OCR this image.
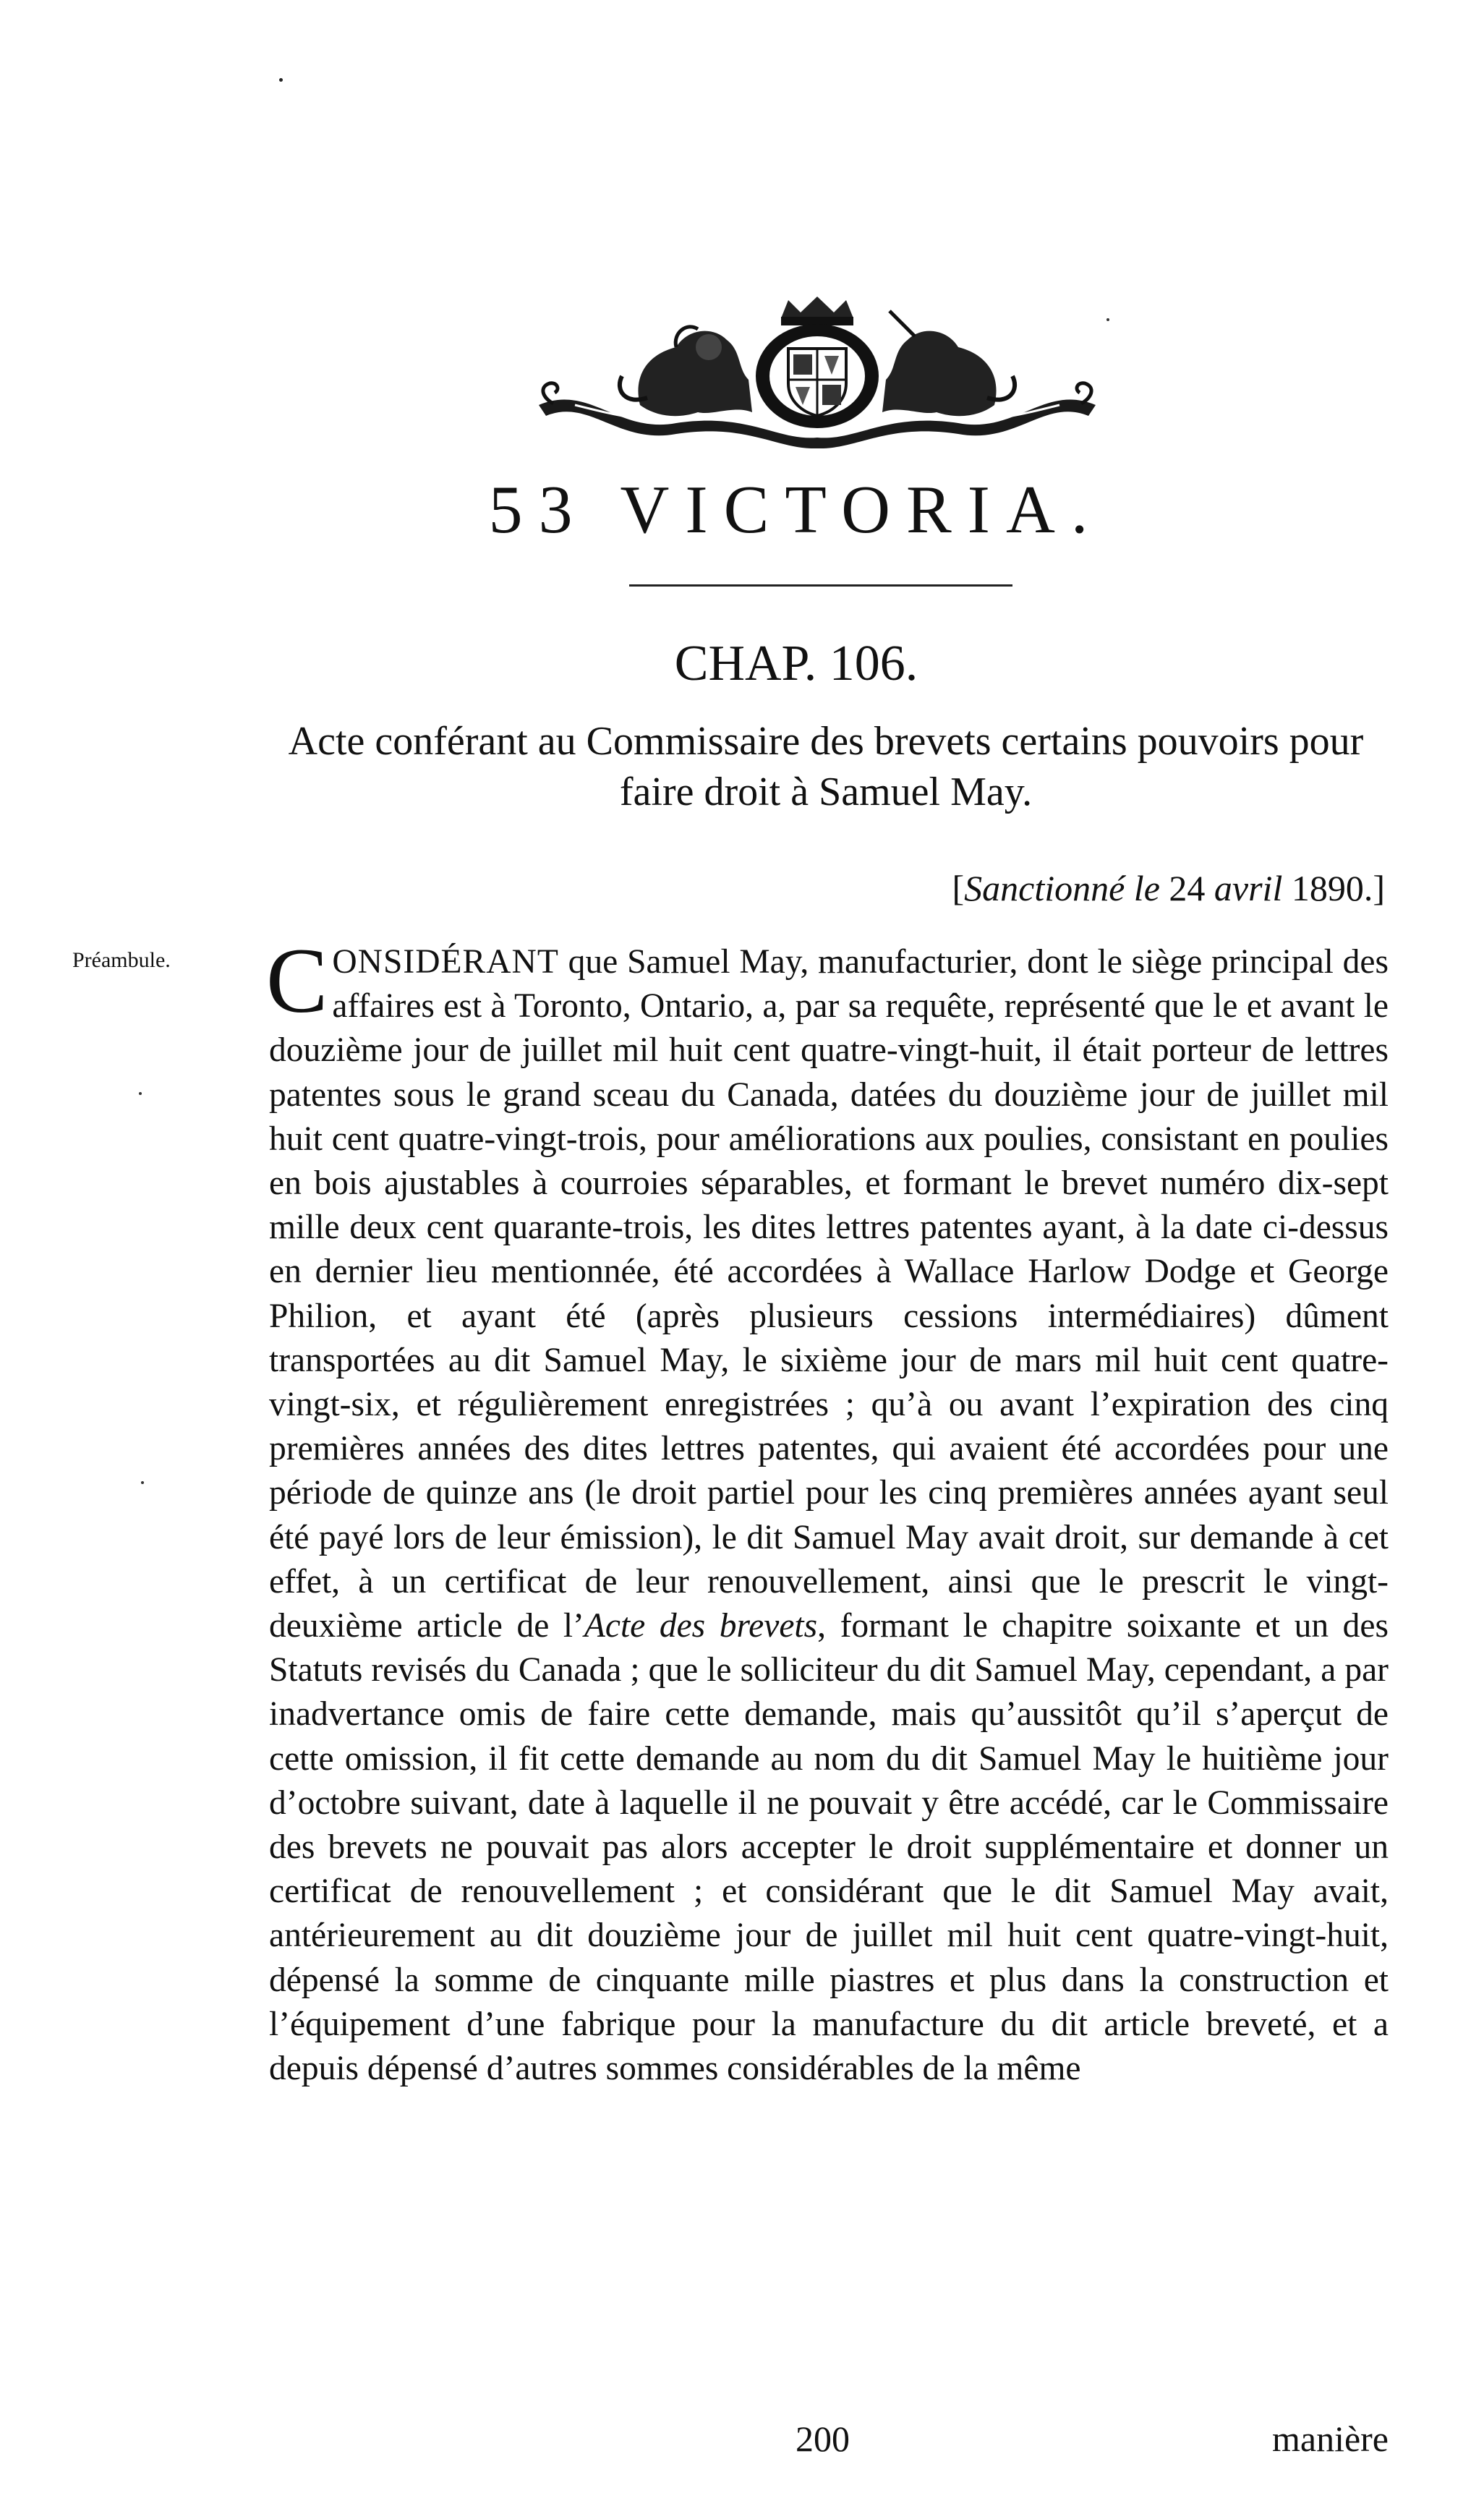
53 VICTORIA.
CHAP. 106.
Acte conférant au Commissaire des brevets certains pouvoirs pour faire droit à Samuel May.
[Sanctionné le 24 avril 1890.]
Préambule. CONSIDÉRANT que Samuel May, manufacturier, dont le siège principal des affaires est à Toronto, Ontario, a, par sa requête, représenté que le et avant le douzième jour de juillet mil huit cent quatre-vingt-huit, il était porteur de lettres patentes sous le grand sceau du Canada, datées du douzième jour de juillet mil huit cent quatre-vingt-trois, pour améliorations aux poulies, consistant en poulies en bois ajustables à courroies séparables, et formant le brevet numéro dix-sept mille deux cent quarante-trois, les dites lettres patentes ayant, à la date ci-dessus en dernier lieu mentionnée, été accordées à Wallace Harlow Dodge et George Philion, et ayant été (après plusieurs cessions intermédiaires) dûment transportées au dit Samuel May, le sixième jour de mars mil huit cent quatre-vingt-six, et régulièrement enregistrées ; qu’à ou avant l’expiration des cinq premières années des dites lettres patentes, qui avaient été accordées pour une période de quinze ans (le droit partiel pour les cinq premières années ayant seul été payé lors de leur émission), le dit Samuel May avait droit, sur demande à cet effet, à un certificat de leur renouvellement, ainsi que le prescrit le vingt-deuxième article de l’Acte des brevets, formant le chapitre soixante et un des Statuts revisés du Canada ; que le solliciteur du dit Samuel May, cependant, a par inadvertance omis de faire cette demande, mais qu’aussitôt qu’il s’aperçut de cette omission, il fit cette demande au nom du dit Samuel May le huitième jour d’octobre suivant, date à laquelle il ne pouvait y être accédé, car le Commissaire des brevets ne pouvait pas alors accepter le droit supplémentaire et donner un certificat de renouvellement ; et considérant que le dit Samuel May avait, antérieurement au dit douzième jour de juillet mil huit cent quatre-vingt-huit, dépensé la somme de cinquante mille piastres et plus dans la construction et l’équipement d’une fabrique pour la manufacture du dit article breveté, et a depuis dépensé d’autres sommes considérables de la même
200	manière
